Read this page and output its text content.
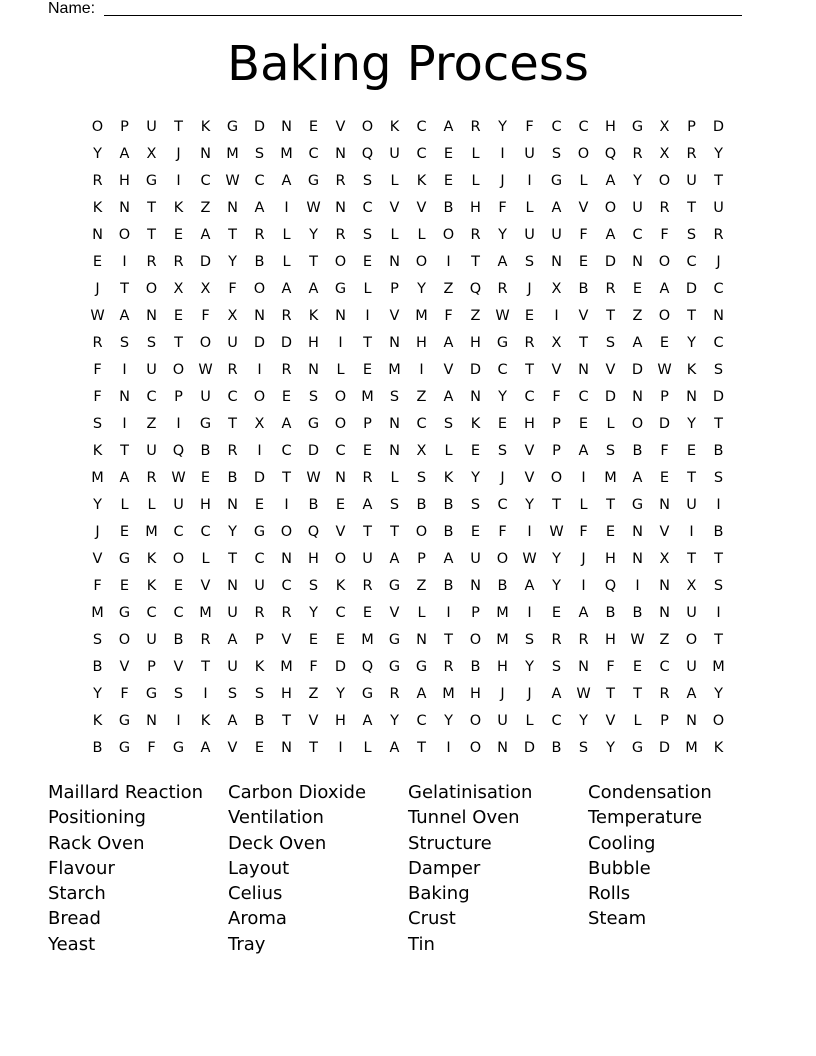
Name:
Baking Process
O	P	U	T	K	G	D	N	E	V	O	K	C	A	R	Y	F	C	C	H	G	X	P	D
Y	A	X	J	N	M	S	M	C	N	Q	U	C	E	L	I	U	S	O	Q	R	X	R	Y
R	H	G	I	C	W	C	A	G	R	S	L	K	E	L	J	I	G	L	A	Y	O	U	T
K	N	T	K	Z	N	A	I	W N	C	V	V	B	H	F	L	A	V	O	U	R	T	U
N	O	T	E	A	T	R	L	Y	R	S	L	L	O	R	Y	U	U	F	A	C	F	S	R
E	I	R	R	D	Y	B	L	T	O	E	N	O	I	T	A	S	N	E	D	N	O	C	J
J	T	O	X	X	F	O	A	A	G	L	P	Y	Z	Q	R	J	X	B	R	E	A	D	C
W	A	N	E	F	X	N	R	K	N	I	V	M	F	Z	W	E	I	V	T	Z	O	T	N
R	S	S	T	O	U	D	D	H	I	T	N	H	A	H	G	R	X	T	S	A	E	Y	C
F	I	U	O W	R	I	R	N	L	E	M	I	V	D	C	T	V	N	V	D W	K	S
F	N	C	P	U	C	O	E	S	O	M	S	Z	A	N	Y	C	F	C	D	N	P	N	D
S	I	Z	I	G	T	X	A	G	O	P	N	C	S	K	E	H	P	E	L	O	D	Y	T
K	T	U	Q	B	R	I	C	D	C	E	N	X	L	E	S	V	P	A	S	B	F	E	B
M	A	R	W	E	B	D	T	W N	R	L	S	K	Y	J	V	O	I	M	A	E	T	S
Y	L	L	U	H	N	E	I	B	E	A	S	B	B	S	C	Y	T	L	T	G	N	U	I
J	E	M	C	C	Y	G	O	Q	V	T	T	O	B	E	F	I	W	F	E	N	V	I	B
V	G	K	O	L	T	C	N	H	O	U	A	P	A	U	O W	Y	J	H	N	X	T	T
F	E	K	E	V	N	U	C	S	K	R	G	Z	B	N	B	A	Y	I	Q	I	N	X	S
M	G	C	C	M	U	R	R	Y	C	E	V	L	I	P	M	I	E	A	B	B	N	U	I
S	O	U	B	R	A	P	V	E	E	M	G	N	T	O	M	S	R	R	H W	Z	O	T
B	V	P	V	T	U	K	M	F	D	Q	G	G	R	B	H	Y	S	N	F	E	C	U	M
Y	F	G	S	I	S	S	H	Z	Y	G	R	A	M	H	J	J	A	W	T	T	R	A	Y
K	G	N	I	K	A	B	T	V	H	A	Y	C	Y	O	U	L	C	Y	V	L	P	N	O
B	G	F	G	A	V	E	N	T	I	L	A	T	I	O	N	D	B	S	Y	G	D	M	K
Maillard Reaction	Carbon Dioxide	Gelatinisation	Condensation
Positioning	Ventilation	Tunnel Oven	Temperature
Rack Oven	Deck Oven	Structure	Cooling
Flavour	Layout	Damper	Bubble
Starch	Celius	Baking	Rolls
Bread	Aroma	Crust	Steam
Yeast	Tray	Tin
